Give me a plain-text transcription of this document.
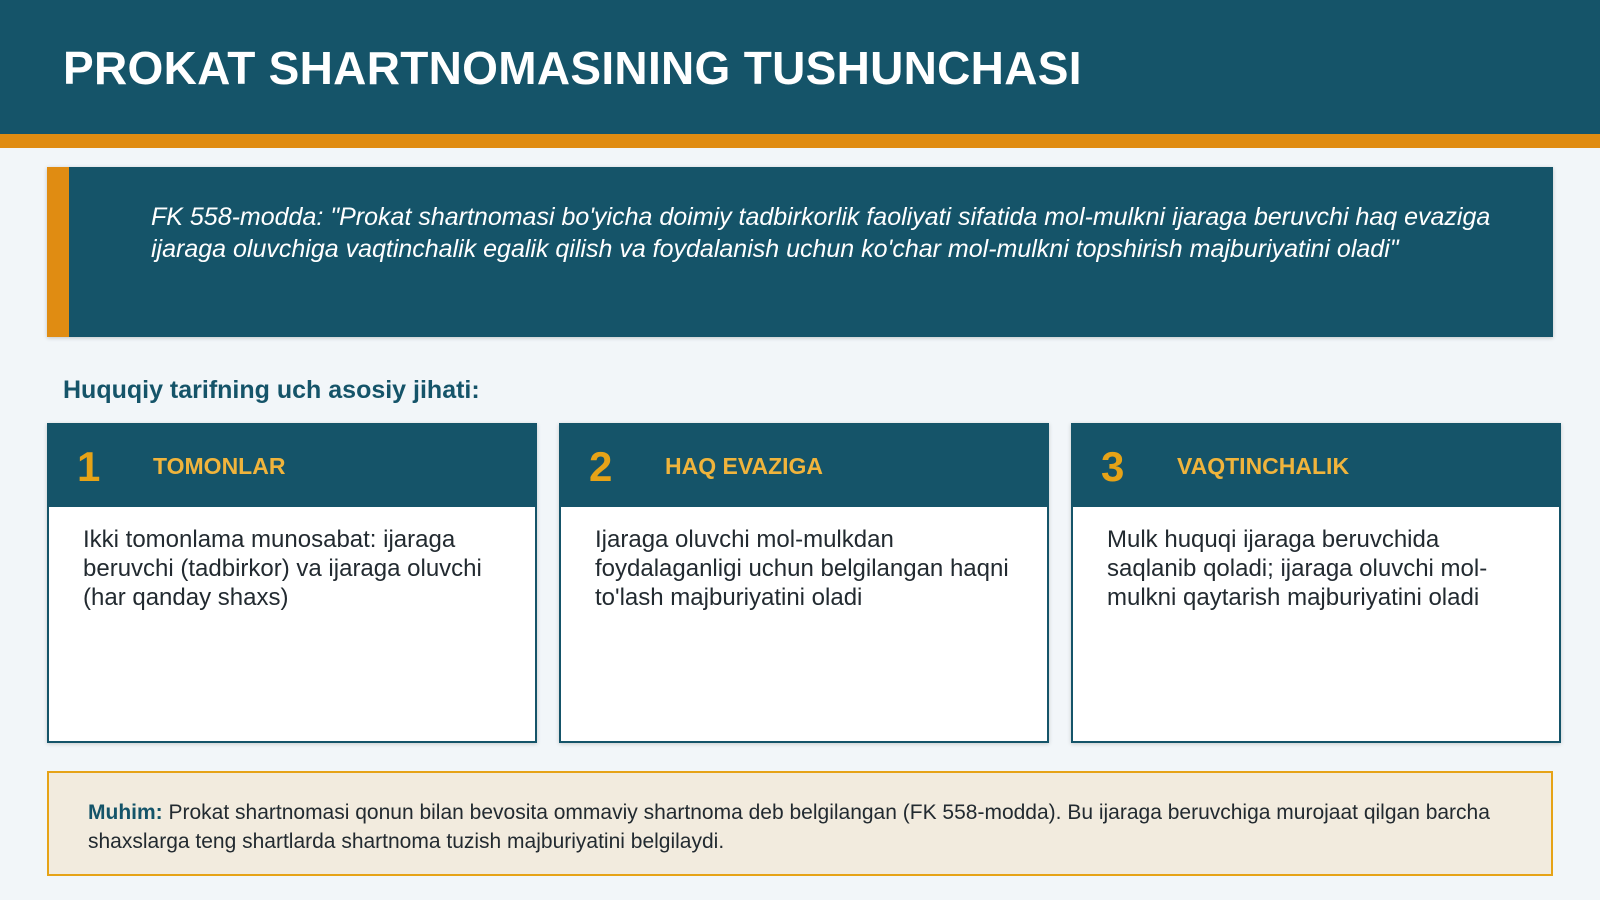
PROKAT SHARTNOMASINING TUSHUNCHASI

FK 558-modda: "Prokat shartnomasi bo'yicha doimiy tadbirkorlik faoliyati sifatida mol-mulkni ijaraga beruvchi haq evaziga ijaraga oluvchiga vaqtinchalik egalik qilish va foydalanish uchun ko'char mol-mulkni topshirish majburiyatini oladi"

Huquqiy tarifning uch asosiy jihati:
1 TOMONLAR

Ikki tomonlama munosabat: ijaraga beruvchi (tadbirkor) va ijaraga oluvchi (har qanday shaxs)

2 HAQ EVAZIGA

Ijaraga oluvchi mol-mulkdan foydalaganligi uchun belgilangan haqni to'lash majburiyatini oladi

3 VAQTINCHALIK

Mulk huquqi ijaraga beruvchida saqlanib qoladi; ijaraga oluvchi mol-mulkni qaytarish majburiyatini oladi

Muhim: Prokat shartnomasi qonun bilan bevosita ommaviy shartnoma deb belgilangan (FK 558-modda). Bu ijaraga beruvchiga murojaat qilgan barcha shaxslarga teng shartlarda shartnoma tuzish majburiyatini belgilaydi.
